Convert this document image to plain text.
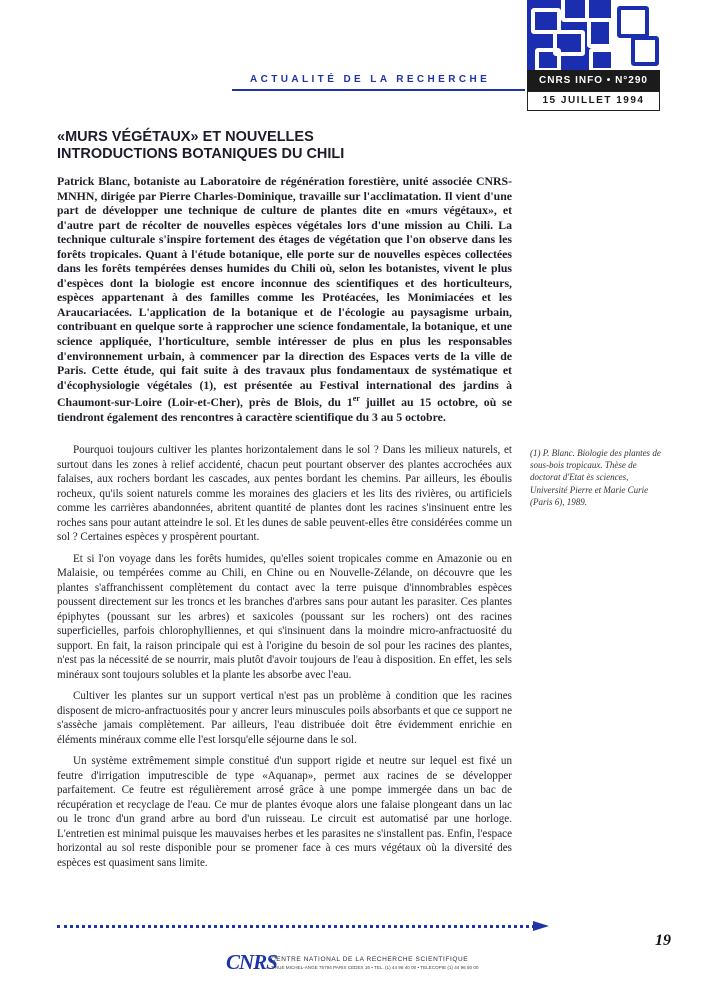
ACTUALITÉ DE LA RECHERCHE	CNRS INFO • N°290
15 JUILLET 1994
«MURS VÉGÉTAUX» ET NOUVELLES INTRODUCTIONS BOTANIQUES DU CHILI

Patrick Blanc, botaniste au Laboratoire de régénération forestière, unité associée CNRS-MNHN, dirigée par Pierre Charles-Dominique, travaille sur l'acclimatation. Il vient d'une part de développer une technique de culture de plantes dite en «murs végétaux», et d'autre part de récolter de nouvelles espèces végétales lors d'une mission au Chili. La technique culturale s'inspire fortement des étages de végétation que l'on observe dans les forêts tropicales. Quant à l'étude botanique, elle porte sur de nouvelles espèces collectées dans les forêts tempérées denses humides du Chili où, selon les botanistes, vivent le plus d'espèces dont la biologie est encore inconnue des scientifiques et des horticulteurs, espèces appartenant à des familles comme les Protéacées, les Monimiacées et les Araucariacées. L'application de la botanique et de l'écologie au paysagisme urbain, contribuant en quelque sorte à rapprocher une science fondamentale, la botanique, et une science appliquée, l'horticulture, semble intéresser de plus en plus les responsables d'environnement urbain, à commencer par la direction des Espaces verts de la ville de Paris. Cette étude, qui fait suite à des travaux plus fondamentaux de systématique et d'écophysiologie végétales (1), est présentée au Festival international des jardins à Chaumont-sur-Loire (Loir-et-Cher), près de Blois, du 1er juillet au 15 octobre, où se tiendront également des rencontres à caractère scientifique du 3 au 5 octobre.

Pourquoi toujours cultiver les plantes horizontalement dans le sol ? Dans les milieux naturels, et surtout dans les zones à relief accidenté, chacun peut pourtant observer des plantes accrochées aux falaises, aux rochers bordant les cascades, aux pentes bordant les chemins. Par ailleurs, les éboulis rocheux, qu'ils soient naturels comme les moraines des glaciers et les lits des rivières, ou artificiels comme les carrières abandonnées, abritent quantité de plantes dont les racines s'insinuent entre les roches sans pour autant atteindre le sol. Et les dunes de sable peuvent-elles être considérées comme un sol ? Certaines espèces y prospèrent pourtant.

Et si l'on voyage dans les forêts humides, qu'elles soient tropicales comme en Amazonie ou en Malaisie, ou tempérées comme au Chili, en Chine ou en Nouvelle-Zélande, on découvre que les plantes s'affranchissent complètement du contact avec la terre puisque d'innombrables espèces poussent directement sur les troncs et les branches d'arbres sans pour autant les parasiter. Ces plantes épiphytes (poussant sur les arbres) et saxicoles (poussant sur les rochers) ont des racines superficielles, parfois chlorophylliennes, et qui s'insinuent dans la moindre micro-anfractuosité du support. En fait, la raison principale qui est à l'origine du besoin de sol pour les racines des plantes, n'est pas la nécessité de se nourrir, mais plutôt d'avoir toujours de l'eau à disposition. En effet, les sels minéraux sont toujours solubles et la plante les absorbe avec l'eau.

Cultiver les plantes sur un support vertical n'est pas un problème à condition que les racines disposent de micro-anfractuosités pour y ancrer leurs minuscules poils absorbants et que ce support ne s'assèche jamais complètement. Par ailleurs, l'eau distribuée doit être évidemment enrichie en éléments minéraux comme elle l'est lorsqu'elle séjourne dans le sol.

Un système extrêmement simple constitué d'un support rigide et neutre sur lequel est fixé un feutre d'irrigation imputrescible de type «Aquanap», permet aux racines de se développer parfaitement. Ce feutre est régulièrement arrosé grâce à une pompe immergée dans un bac de récupération et recyclage de l'eau. Ce mur de plantes évoque alors une falaise plongeant dans un lac ou le tronc d'un grand arbre au bord d'un ruisseau. Le circuit est automatisé par une horloge. L'entretien est minimal puisque les mauvaises herbes et les parasites ne s'installent pas. Enfin, l'espace horizontal au sol reste disponible pour se promener face à ces murs végétaux où la diversité des espèces est quasiment sans limite.

(1) P. Blanc. Biologie des plantes de sous-bois tropicaux. Thèse de doctorat d'Etat ès sciences, Université Pierre et Marie Curie (Paris 6), 1989.

19
CNRS
CENTRE NATIONAL DE LA RECHERCHE SCIENTIFIQUE
3 RUE MICHEL-ANGE 75794 PARIS CEDEX 16 • TEL. (1) 44 96 40 00 • TELECOPIE (1) 44 96 50 00
